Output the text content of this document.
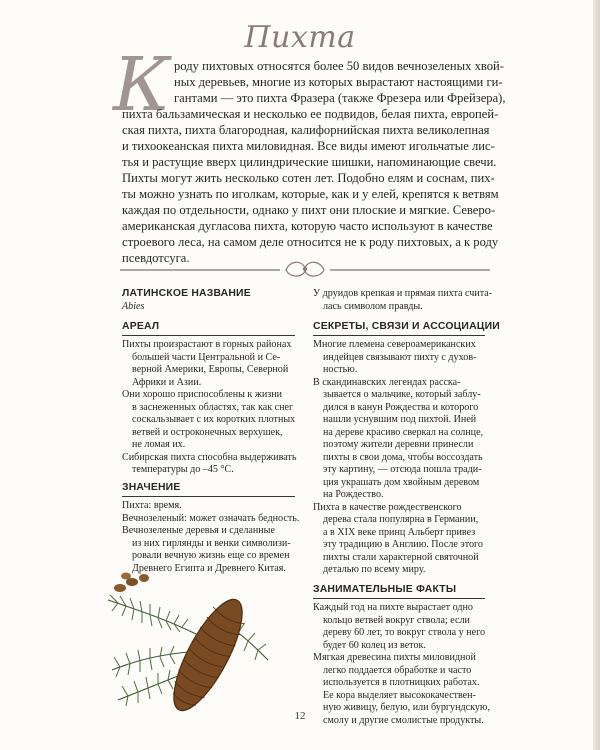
Пихта
К роду пихтовых относятся более 50 видов вечнозеленых хвой-
ных деревьев, многие из которых вырастают настоящими ги-
гантами — это пихта Фразера (также Фрезера или Фрейзера),
пихта бальзамическая и несколько ее подвидов, белая пихта, европей-
ская пихта, пихта благородная, калифорнийская пихта великолепная
и тихоокеанская пихта миловидная. Все виды имеют игольчатые лис-
тья и растущие вверх цилиндрические шишки, напоминающие свечи.
Пихты могут жить несколько сотен лет. Подобно елям и соснам, пих-
ты можно узнать по иголкам, которые, как и у елей, крепятся к ветвям
каждая по отдельности, однако у пихт они плоские и мягкие. Северо-
американская дугласова пихта, которую часто используют в качестве
строевого леса, на самом деле относится не к роду пихтовых, а к роду
псевдотсуга.
ЛАТИНСКОЕ НАЗВАНИЕ
Abies
АРЕАЛ
Пихты произрастают в горных районах
большей части Центральной и Се-
верной Америки, Европы, Северной
Африки и Азии.
Они хорошо приспособлены к жизни
в заснеженных областях, так как снег
соскальзывает с их коротких плотных
ветвей и остроконечных верхушек,
не ломая их.
Сибирская пихта способна выдерживать
температуры до –45 °С.
ЗНАЧЕНИЕ
Пихта: время.
Вечнозеленый: может означать бедность.
Вечнозеленые деревья и сделанные
из них гирлянды и венки символизи-
ровали вечную жизнь еще со времен
Древнего Египта и Древнего Китая.
У друидов крепкая и прямая пихта счита-
лась символом правды.
СЕКРЕТЫ, СВЯЗИ И АССОЦИАЦИИ
Многие племена североамериканских
индейцев связывают пихту с духов-
ностью.
В скандинавских легендах расска-
зывается о мальчике, который заблу-
дился в канун Рождества и которого
нашли уснувшим под пихтой. Иней
на дереве красиво сверкал на солнце,
поэтому жители деревни принесли
пихты в свои дома, чтобы воссоздать
эту картину, — отсюда пошла тради-
ция украшать дом хвойным деревом
на Рождество.
Пихта в качестве рождественского
дерева стала популярна в Германии,
а в XIX веке принц Альберт привез
эту традицию в Англию. После этого
пихты стали характерной святочной
деталью по всему миру.
ЗАНИМАТЕЛЬНЫЕ ФАКТЫ
Каждый год на пихте вырастает одно
кольцо ветвей вокруг ствола; если
дереву 60 лет, то вокруг ствола у него
будет 60 колец из веток.
Мягкая древесина пихты миловидной
легко поддается обработке и часто
используется в плотницких работах.
Ее кора выделяет высококачествен-
ную живицу, белую, или бургундскую,
смолу и другие смолистые продукты.
12
